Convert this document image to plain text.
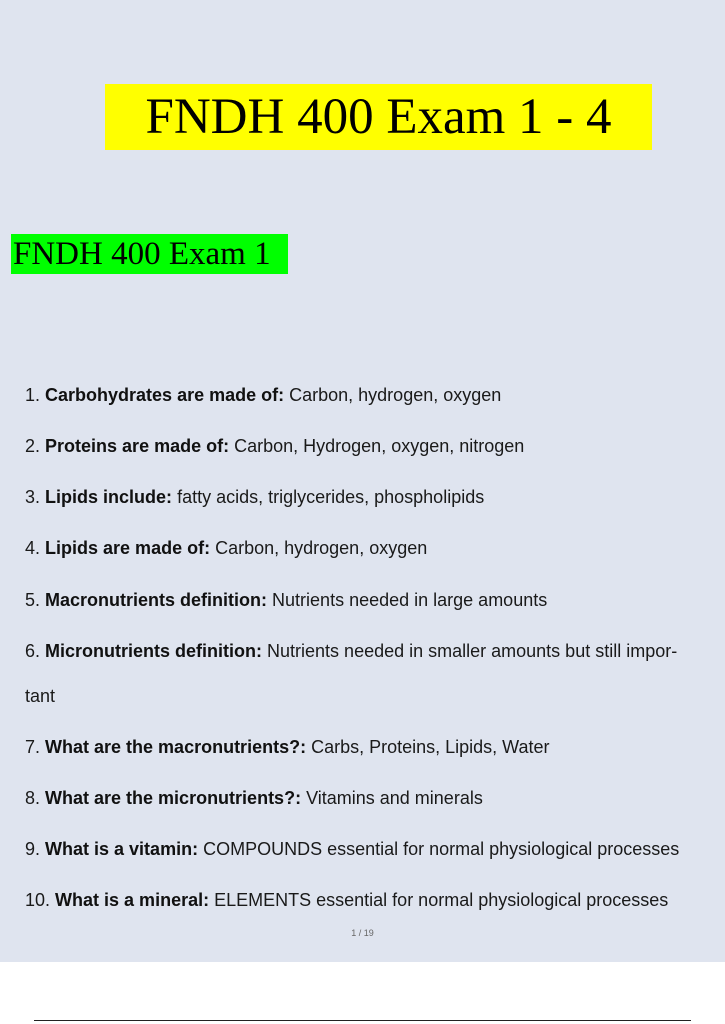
FNDH 400 Exam 1 - 4
FNDH 400 Exam 1
1. Carbohydrates are made of: Carbon, hydrogen, oxygen
2. Proteins are made of: Carbon, Hydrogen, oxygen, nitrogen
3. Lipids include: fatty acids, triglycerides, phospholipids
4. Lipids are made of: Carbon, hydrogen, oxygen
5. Macronutrients definition: Nutrients needed in large amounts
6. Micronutrients definition: Nutrients needed in smaller amounts but still impor-
tant
7. What are the macronutrients?: Carbs, Proteins, Lipids, Water
8. What are the micronutrients?: Vitamins and minerals
9. What is a vitamin: COMPOUNDS essential for normal physiological processes
10. What is a mineral: ELEMENTS essential for normal physiological processes
1 / 19
